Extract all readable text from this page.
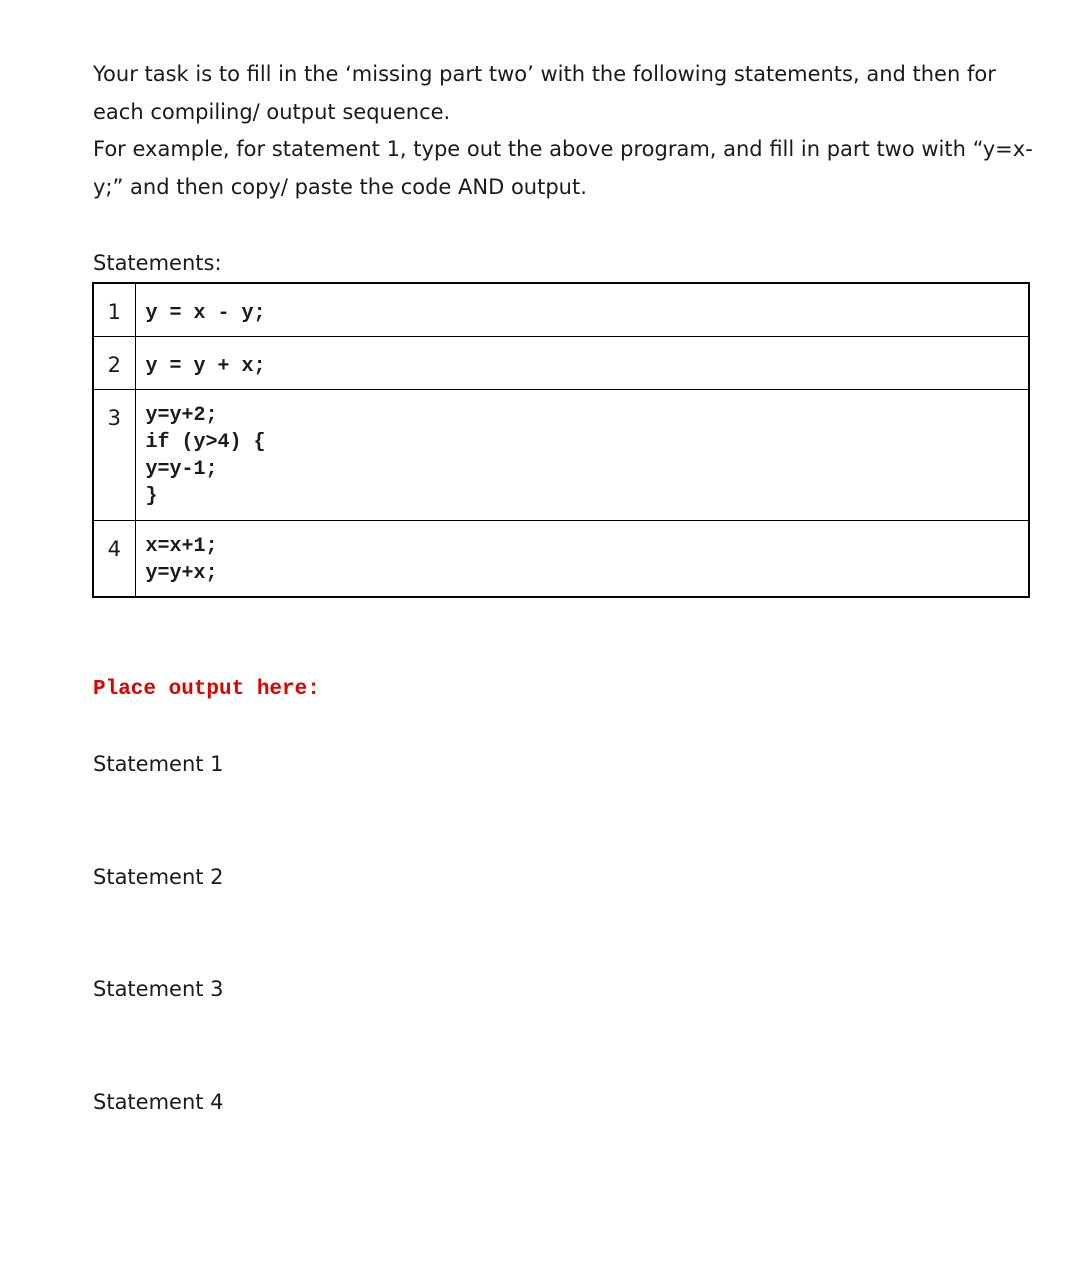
Your task is to fill in the ‘missing part two’ with the following statements, and then for each compiling/ output sequence.

For example, for statement 1, type out the above program, and fill in part two with “y=x-y;” and then copy/ paste the code AND output.

Statements:

1	y = x - y;

2	y = y + x;

3	y=y+2;
if (y>4) {
y=y-1;
}

4	x=x+1;
y=y+x;

Place output here:

Statement 1

Statement 2

Statement 3

Statement 4
